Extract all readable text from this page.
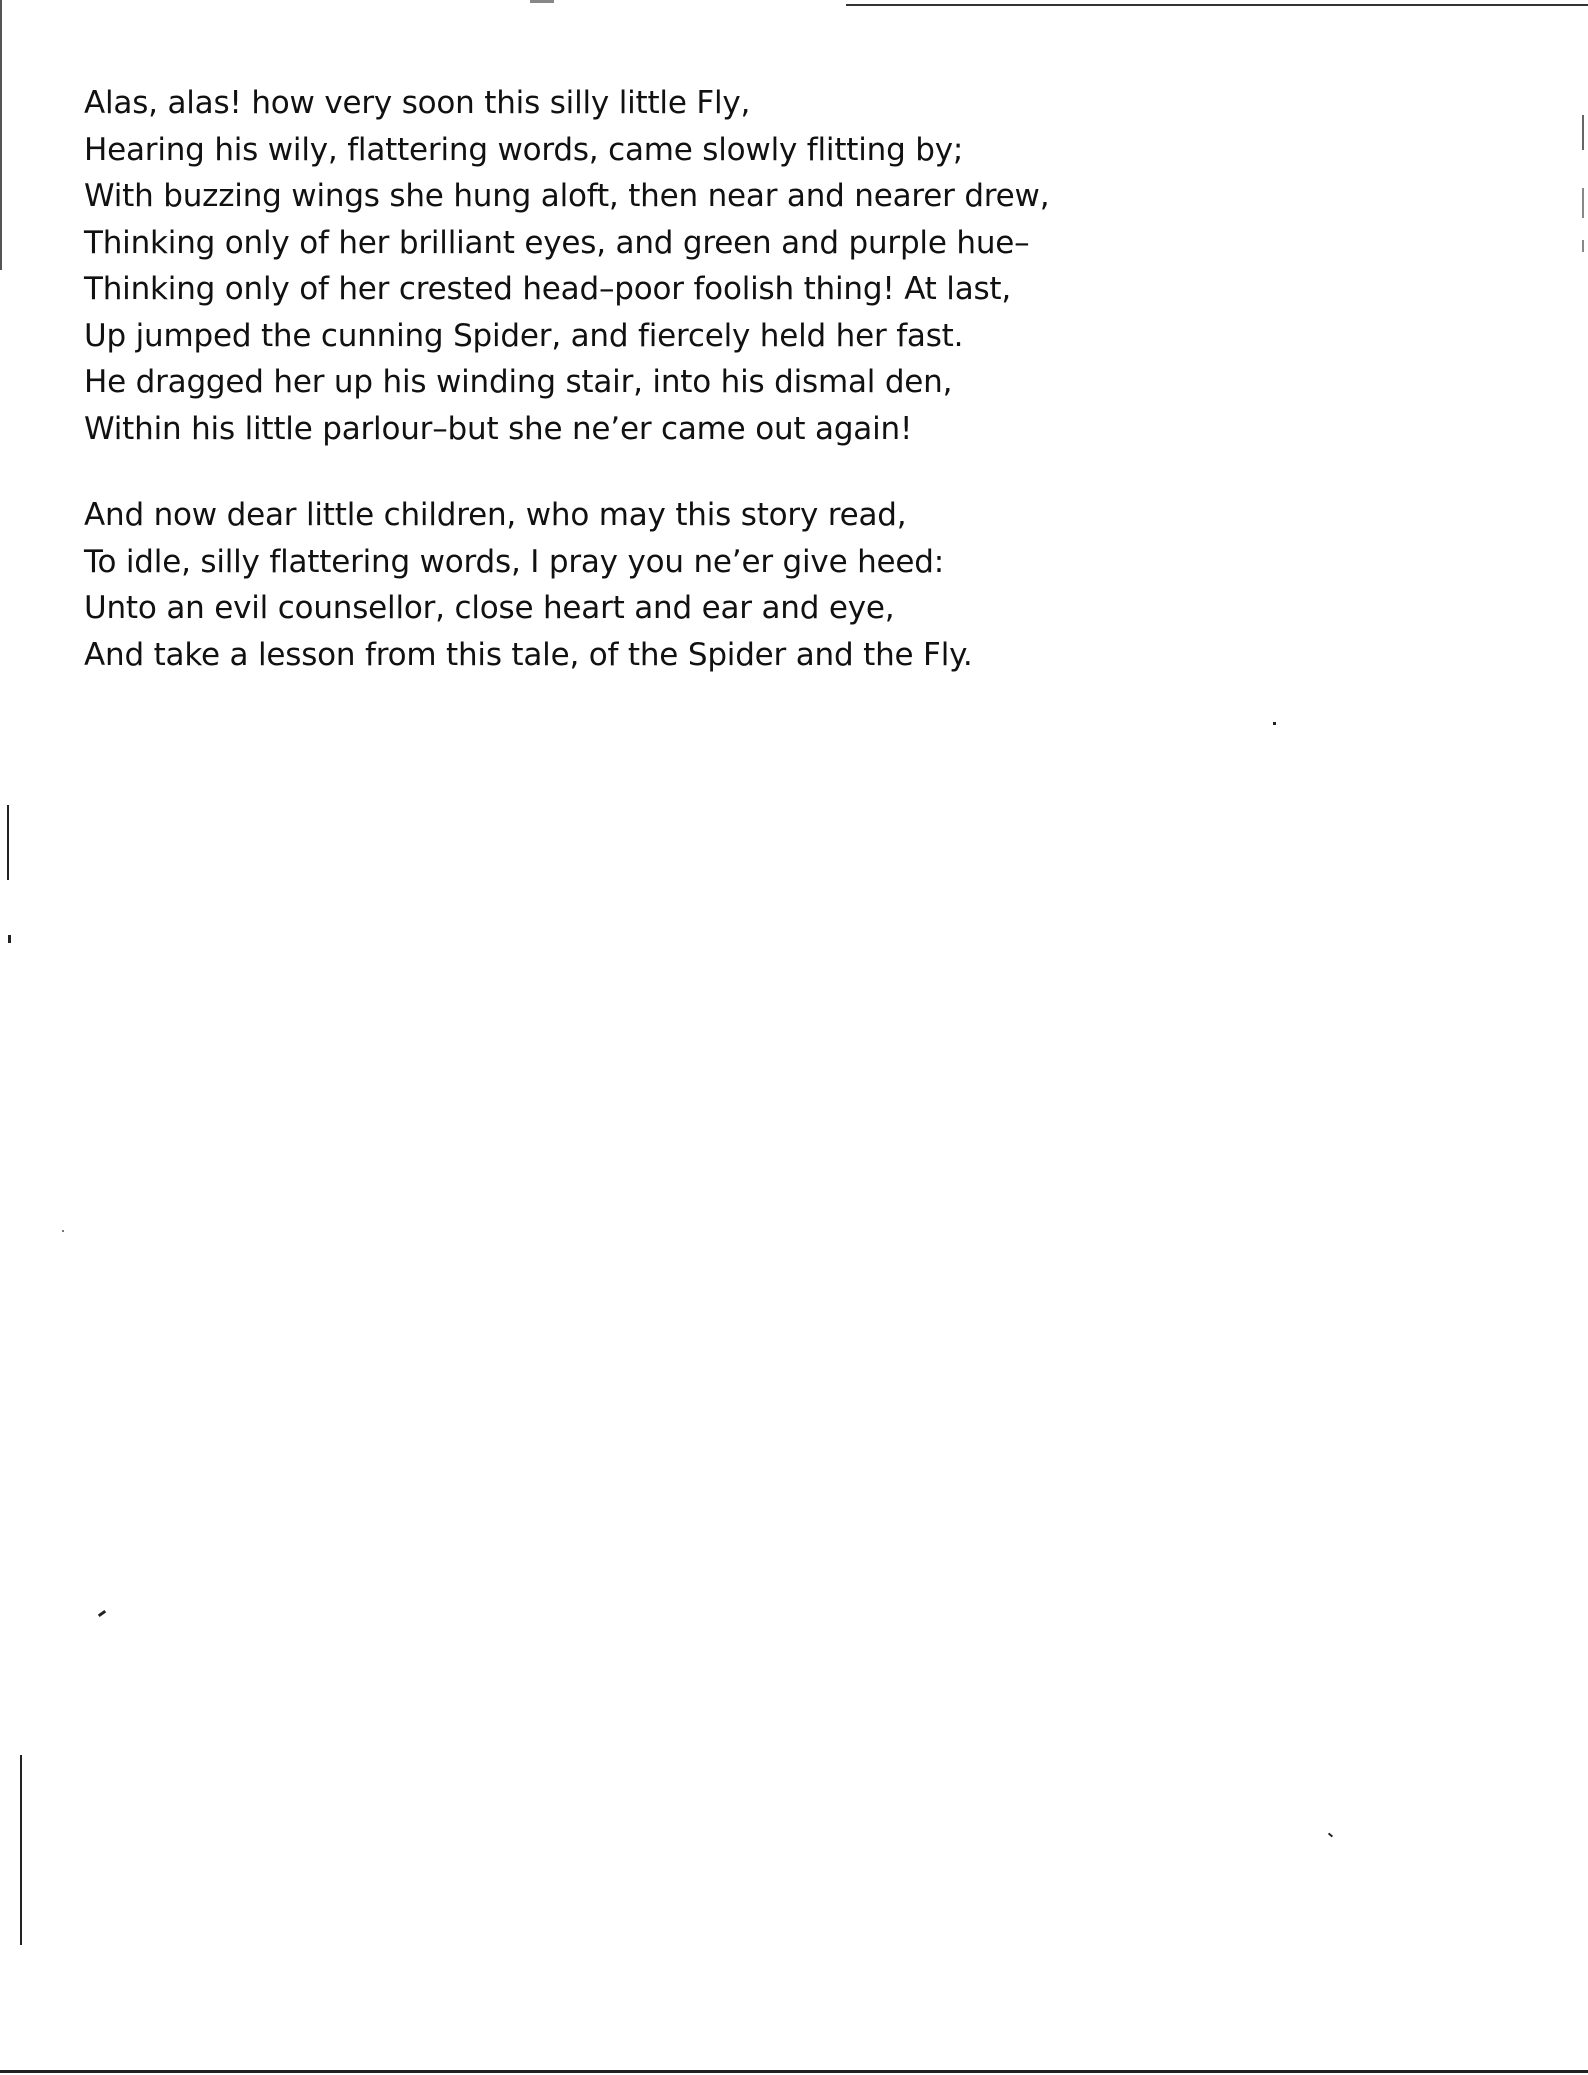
Alas, alas! how very soon this silly little Fly,
Hearing his wily, flattering words, came slowly flitting by;
With buzzing wings she hung aloft, then near and nearer drew,
Thinking only of her brilliant eyes, and green and purple hue–
Thinking only of her crested head–poor foolish thing! At last,
Up jumped the cunning Spider, and fiercely held her fast.
He dragged her up his winding stair, into his dismal den,
Within his little parlour–but she ne’er came out again!
And now dear little children, who may this story read,
To idle, silly flattering words, I pray you ne’er give heed:
Unto an evil counsellor, close heart and ear and eye,
And take a lesson from this tale, of the Spider and the Fly.
